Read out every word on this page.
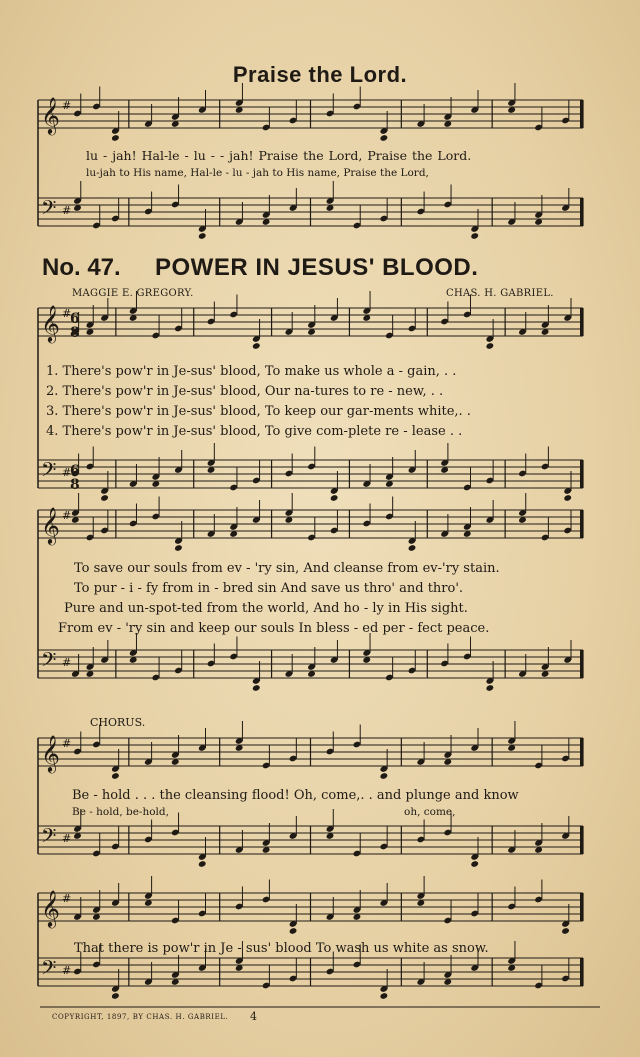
𝄞
𝄢
#
#
𝄞
𝄢
#
#
𝄞
𝄢
#
#
𝄞
𝄢
#
#
𝄞
𝄢
#
#
6
8
6
8
Praise the Lord.
lu - jah! Hal-le - lu - - jah! Praise the Lord, Praise the Lord.
lu-jah to His name, Hal-le - lu - jah to His name, Praise the Lord,
No. 47. POWER IN JESUS' BLOOD.
MAGGIE E. GREGORY.	CHAS. H. GABRIEL.
1. There's pow'r in Je-sus' blood, To make us whole a - gain, . .
2. There's pow'r in Je-sus' blood, Our na-tures to re - new, . .
3. There's pow'r in Je-sus' blood, To keep our gar-ments white,. .
4. There's pow'r in Je-sus' blood, To give com-plete re - lease . .
To save our souls from ev - 'ry sin, And cleanse from ev-'ry stain.
To pur - i - fy from in - bred sin And save us thro' and thro'.
Pure and un-spot-ted from the world, And ho - ly in His sight.
From ev - 'ry sin and keep our souls In bless - ed per - fect peace.
CHORUS.
Be - hold . . . the cleansing flood! Oh, come,. . and plunge and know
Be - hold, be-hold,	oh, come,
That there is pow'r in Je - sus' blood To wash us white as snow.
COPYRIGHT, 1897, BY CHAS. H. GABRIEL. 4
